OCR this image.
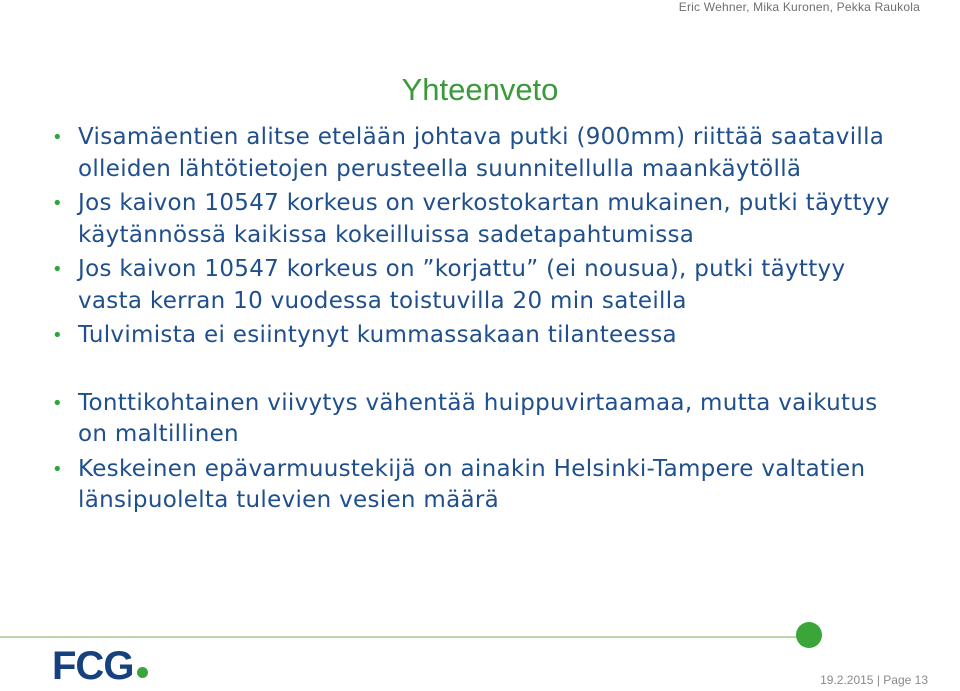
Eric Wehner, Mika Kuronen, Pekka Raukola
Yhteenveto
• Visamäentien alitse etelään johtava putki (900mm) riittää saatavilla olleiden lähtötietojen perusteella suunnitellulla maankäytöllä
• Jos kaivon 10547 korkeus on verkostokartan mukainen, putki täyttyy käytännössä kaikissa kokeilluissa sadetapahtumissa
• Jos kaivon 10547 korkeus on ”korjattu” (ei nousua), putki täyttyy vasta kerran 10 vuodessa toistuvilla 20 min sateilla
• Tulvimista ei esiintynyt kummassakaan tilanteessa
• Tonttikohtainen viivytys vähentää huippuvirtaamaa, mutta vaikutus on maltillinen
• Keskeinen epävarmuustekijä on ainakin Helsinki-Tampere valtatien länsipuolelta tulevien vesien määrä
FCG	19.2.2015 | Page 13
